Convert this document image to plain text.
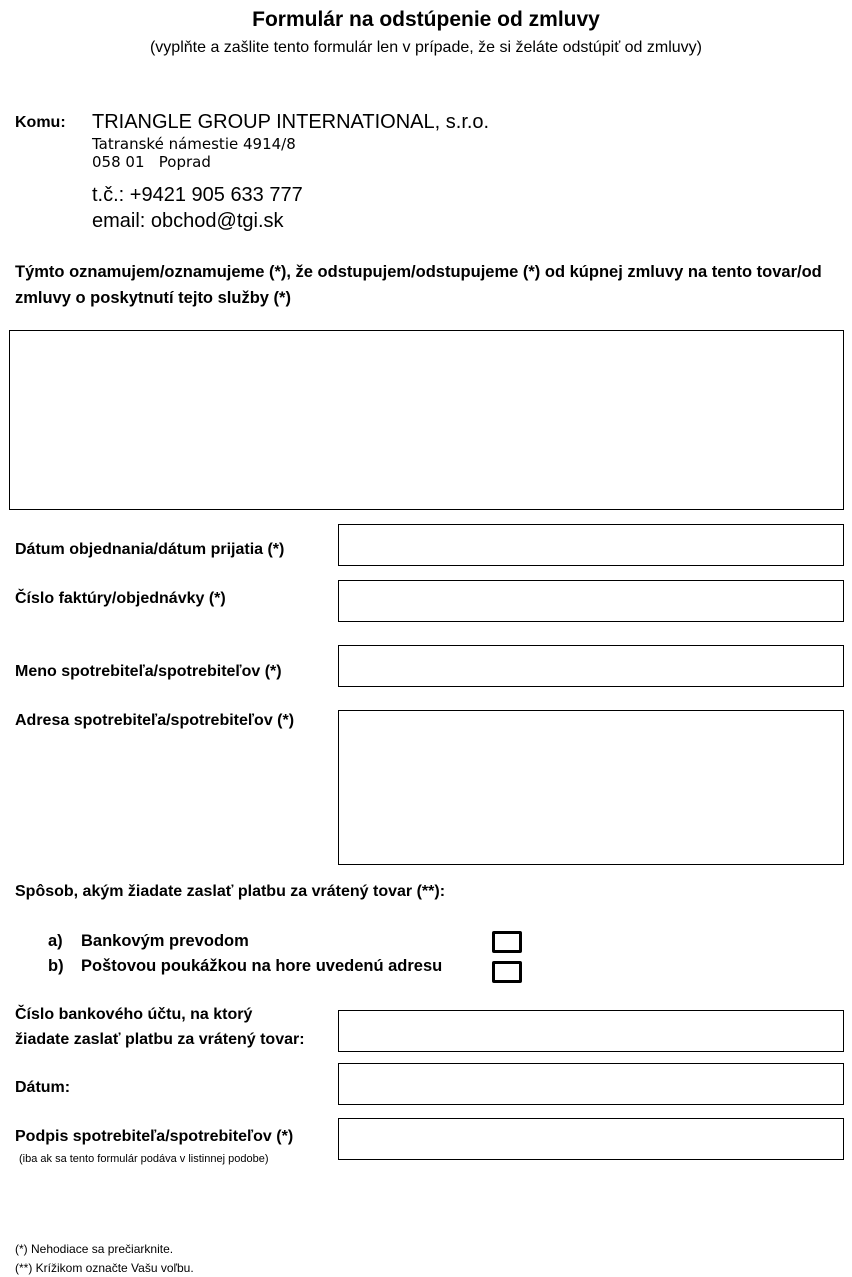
Formulár na odstúpenie od zmluvy
(vyplňte a zašlite tento formulár len v prípade, že si želáte odstúpiť od zmluvy)
Komu: TRIANGLE GROUP INTERNATIONAL, s.r.o.
Tatranské námestie 4914/8
058 01   Poprad
t.č.: +9421 905 633 777
email: obchod@tgi.sk
Týmto oznamujem/oznamujeme (*), že odstupujem/odstupujeme (*) od kúpnej zmluvy na tento tovar/od zmluvy o poskytnutí tejto služby (*)
Dátum objednania/dátum prijatia (*)
Číslo faktúry/objednávky (*)
Meno spotrebiteľa/spotrebiteľov (*)
Adresa spotrebiteľa/spotrebiteľov (*)
Spôsob, akým žiadate zaslať platbu za vrátený tovar (**):
a) Bankovým prevodom
b) Poštovou poukážkou na hore uvedenú adresu
Číslo bankového účtu, na ktorý
žiadate zaslať platbu za vrátený tovar:
Dátum:
Podpis spotrebiteľa/spotrebiteľov (*)
(iba ak sa tento formulár podáva v listinnej podobe)
(*) Nehodiace sa prečiarknite.
(**) Krížikom označte Vašu voľbu.
